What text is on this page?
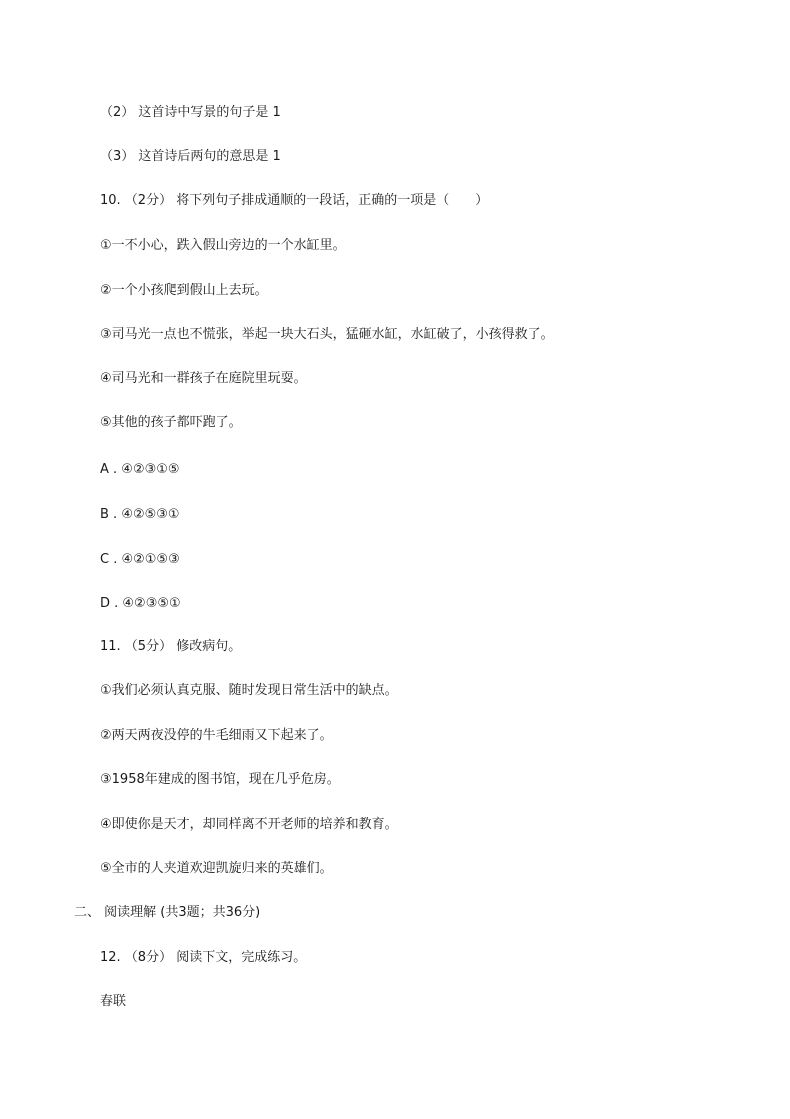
（2） 这首诗中写景的句子是 1
（3） 这首诗后两句的意思是 1
10. （2分） 将下列句子排成通顺的一段话，正确的一项是（　　）
①一不小心，跌入假山旁边的一个水缸里。
②一个小孩爬到假山上去玩。
③司马光一点也不慌张，举起一块大石头，猛砸水缸，水缸破了，小孩得救了。
④司马光和一群孩子在庭院里玩耍。
⑤其他的孩子都吓跑了。
A . ④②③①⑤
B . ④②⑤③①
C . ④②①⑤③
D . ④②③⑤①
11. （5分） 修改病句。
①我们必须认真克服、随时发现日常生活中的缺点。
②两天两夜没停的牛毛细雨又下起来了。
③1958年建成的图书馆，现在几乎危房。
④即使你是天才，却同样离不开老师的培养和教育。
⑤全市的人夹道欢迎凯旋归来的英雄们。
二、 阅读理解 (共3题；共36分)
12. （8分） 阅读下文，完成练习。
春联
